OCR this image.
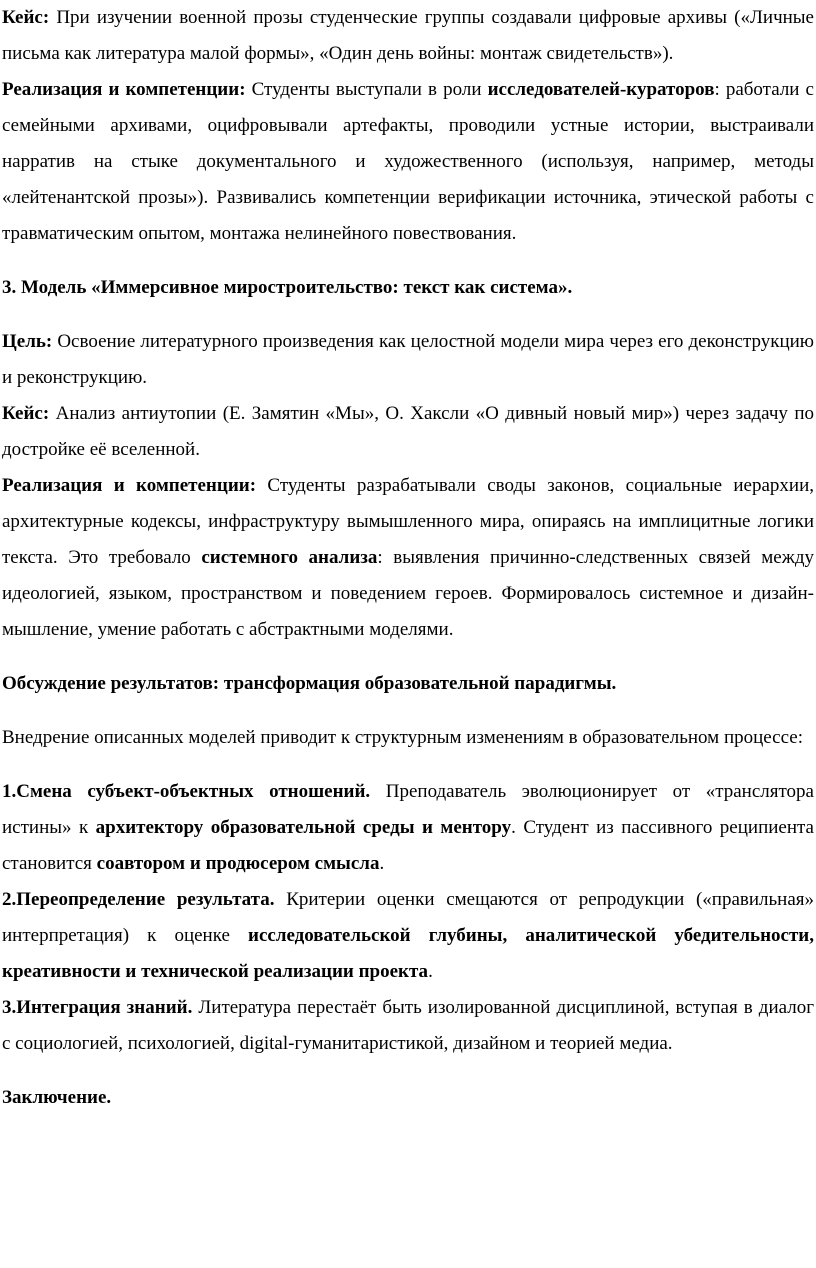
Кейс: При изучении военной прозы студенческие группы создавали цифровые архивы («Личные письма как литература малой формы», «Один день войны: монтаж свидетельств»).

Реализация и компетенции: Студенты выступали в роли исследователей-кураторов: работали с семейными архивами, оцифровывали артефакты, проводили устные истории, выстраивали нарратив на стыке документального и художественного (используя, например, методы «лейтенантской прозы»). Развивались компетенции верификации источника, этической работы с травматическим опытом, монтажа нелинейного повествования.

3. Модель «Иммерсивное миростроительство: текст как система».

Цель: Освоение литературного произведения как целостной модели мира через его деконструкцию и реконструкцию.

Кейс: Анализ антиутопии (Е. Замятин «Мы», О. Хаксли «О дивный новый мир») через задачу по достройке её вселенной.

Реализация и компетенции: Студенты разрабатывали своды законов, социальные иерархии, архитектурные кодексы, инфраструктуру вымышленного мира, опираясь на имплицитные логики текста. Это требовало системного анализа: выявления причинно-следственных связей между идеологией, языком, пространством и поведением героев. Формировалось системное и дизайн-мышление, умение работать с абстрактными моделями.

Обсуждение результатов: трансформация образовательной парадигмы.

Внедрение описанных моделей приводит к структурным изменениям в образовательном процессе:

1.Смена субъект-объектных отношений. Преподаватель эволюционирует от «транслятора истины» к архитектору образовательной среды и ментору. Студент из пассивного реципиента становится соавтором и продюсером смысла.

2.Переопределение результата. Критерии оценки смещаются от репродукции («правильная» интерпретация) к оценке исследовательской глубины, аналитической убедительности, креативности и технической реализации проекта.

3.Интеграция знаний. Литература перестаёт быть изолированной дисциплиной, вступая в диалог с социологией, психологией, digital-гуманитаристикой, дизайном и теорией медиа.

Заключение.
